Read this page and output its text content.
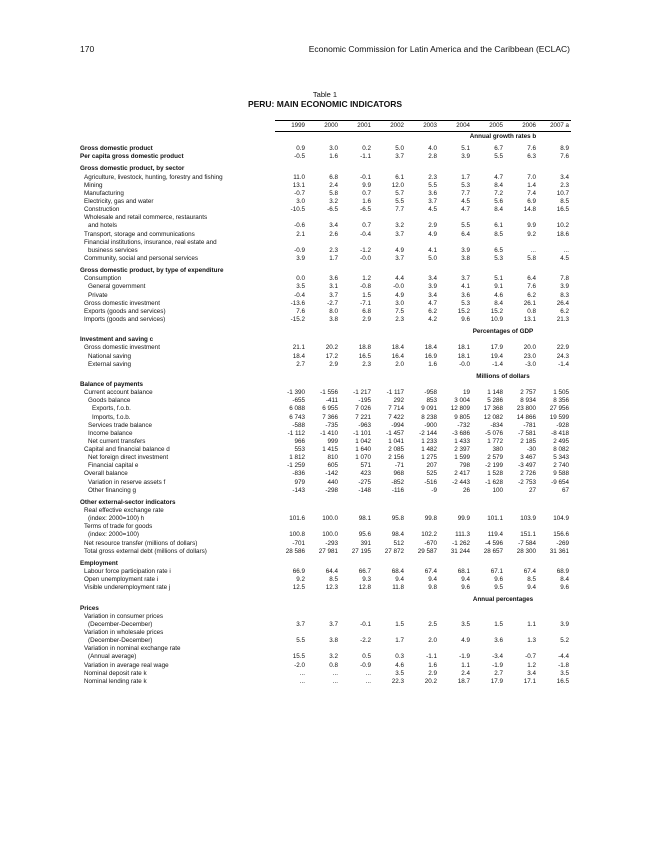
170	Economic Commission for Latin America and the Caribbean (ECLAC)
Table 1
PERU: MAIN ECONOMIC INDICATORS
1999	2000	2001	2002	2003	2004	2005	2006	2007 a
Annual growth rates b
Gross domestic product	0.9	3.0	0.2	5.0	4.0	5.1	6.7	7.6	8.9
Per capita gross domestic product	-0.5	1.6	-1.1	3.7	2.8	3.9	5.5	6.3	7.6
Gross domestic product, by sector
Agriculture, livestock, hunting, forestry and fishing	11.0	6.8	-0.1	6.1	2.3	1.7	4.7	7.0	3.4
Mining	13.1	2.4	9.9	12.0	5.5	5.3	8.4	1.4	2.3
Manufacturing	-0.7	5.8	0.7	5.7	3.6	7.7	7.2	7.4	10.7
Electricity, gas and water	3.0	3.2	1.6	5.5	3.7	4.5	5.6	6.9	8.5
Construction	-10.5	-6.5	-6.5	7.7	4.5	4.7	8.4	14.8	16.5
Wholesale and retail commerce, restaurants
and hotels	-0.6	3.4	0.7	3.2	2.9	5.5	6.1	9.9	10.2
Transport, storage and communications	2.1	2.6	-0.4	3.7	4.9	6.4	8.5	9.2	18.6
Financial institutions, insurance, real estate and
business services	-0.9	2.3	-1.2	4.9	4.1	3.9	6.5	...	...
Community, social and personal services	3.9	1.7	-0.0	3.7	5.0	3.8	5.3	5.8	4.5
Gross domestic product, by type of expenditure
Consumption	0.0	3.6	1.2	4.4	3.4	3.7	5.1	6.4	7.8
General government	3.5	3.1	-0.8	-0.0	3.9	4.1	9.1	7.6	3.9
Private	-0.4	3.7	1.5	4.9	3.4	3.6	4.6	6.2	8.3
Gross domestic investment	-13.6	-2.7	-7.1	3.0	4.7	5.3	8.4	26.1	26.4
Exports (goods and services)	7.6	8.0	6.8	7.5	6.2	15.2	15.2	0.8	6.2
Imports (goods and services)	-15.2	3.8	2.9	2.3	4.2	9.6	10.9	13.1	21.3
Percentages of GDP
Investment and saving c
Gross domestic investment	21.1	20.2	18.8	18.4	18.4	18.1	17.9	20.0	22.9
National saving	18.4	17.2	16.5	16.4	16.9	18.1	19.4	23.0	24.3
External saving	2.7	2.9	2.3	2.0	1.6	-0.0	-1.4	-3.0	-1.4
Millions of dollars
Balance of payments
Current account balance	-1 390	-1 556	-1 217	-1 117	-958	19	1 148	2 757	1 505
Goods balance	-655	-411	-195	292	853	3 004	5 286	8 934	8 356
Exports, f.o.b.	6 088	6 955	7 026	7 714	9 091	12 809	17 368	23 800	27 956
Imports, f.o.b.	6 743	7 366	7 221	7 422	8 238	9 805	12 082	14 866	19 599
Services trade balance	-588	-735	-963	-994	-900	-732	-834	-781	-928
Income balance	-1 112	-1 410	-1 101	-1 457	-2 144	-3 686	-5 076	-7 581	-8 418
Net current transfers	966	999	1 042	1 041	1 233	1 433	1 772	2 185	2 495
Capital and financial balance d	553	1 415	1 640	2 085	1 482	2 397	380	-30	8 082
Net foreign direct investment	1 812	810	1 070	2 156	1 275	1 599	2 579	3 467	5 343
Financial capital e	-1 259	605	571	-71	207	798	-2 199	-3 497	2 740
Overall balance	-836	-142	423	968	525	2 417	1 528	2 726	9 588
Variation in reserve assets f	979	440	-275	-852	-516	-2 443	-1 628	-2 753	-9 654
Other financing g	-143	-298	-148	-116	-9	26	100	27	67
Other external-sector indicators
Real effective exchange rate
(index: 2000=100) h	101.6	100.0	98.1	95.8	99.8	99.9	101.1	103.9	104.9
Terms of trade for goods
(index: 2000=100)	100.8	100.0	95.6	98.4	102.2	111.3	119.4	151.1	156.6
Net resource transfer (millions of dollars)	-701	-293	391	512	-670	-1 262	-4 596	-7 584	-269
Total gross external debt (millions of dollars)	28 586	27 981	27 195	27 872	29 587	31 244	28 657	28 300	31 361
Employment
Labour force participation rate i	66.9	64.4	66.7	68.4	67.4	68.1	67.1	67.4	68.9
Open unemployment rate i	9.2	8.5	9.3	9.4	9.4	9.4	9.6	8.5	8.4
Visible underemployment rate j	12.5	12.3	12.8	11.8	9.8	9.6	9.5	9.4	9.6
Annual percentages
Prices
Variation in consumer prices
(December-December)	3.7	3.7	-0.1	1.5	2.5	3.5	1.5	1.1	3.9
Variation in wholesale prices
(December-December)	5.5	3.8	-2.2	1.7	2.0	4.9	3.6	1.3	5.2
Variation in nominal exchange rate
(Annual average)	15.5	3.2	0.5	0.3	-1.1	-1.9	-3.4	-0.7	-4.4
Variation in average real wage	-2.0	0.8	-0.9	4.6	1.6	1.1	-1.9	1.2	-1.8
Nominal deposit rate k	...	...	...	3.5	2.9	2.4	2.7	3.4	3.5
Nominal lending rate k	...	...	...	22.3	20.2	18.7	17.9	17.1	16.5
